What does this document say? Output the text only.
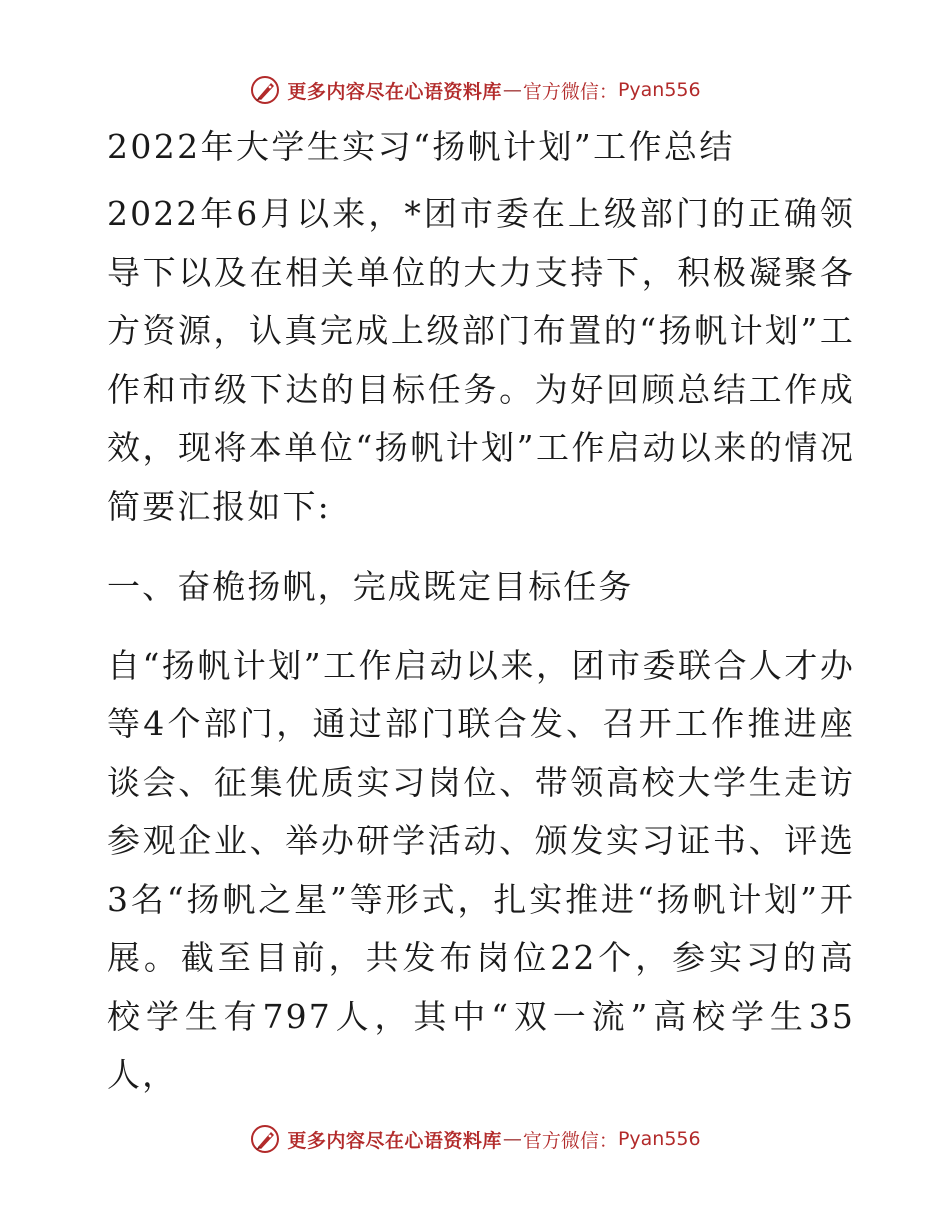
更多内容尽在心语资料库 — 官方微信： Pyan556
2022年大学生实习“扬帆计划”工作总结

2022年6月以来，*团市委在上级部门的正确领导下以及在相关单位的大力支持下，积极凝聚各方资源，认真完成上级部门布置的“扬帆计划”工作和市级下达的目标任务。为好回顾总结工作成效，现将本单位“扬帆计划”工作启动以来的情况简要汇报如下:

一、奋桅扬帆，完成既定目标任务

自“扬帆计划”工作启动以来，团市委联合人才办等4个部门，通过部门联合发、召开工作推进座谈会、征集优质实习岗位、带领高校大学生走访参观企业、举办研学活动、颁发实习证书、评选3名“扬帆之星”等形式，扎实推进“扬帆计划”开展。截至目前，共发布岗位22个，参实习的高校学生有797人，其中“双一流”高校学生35人，

更多内容尽在心语资料库 — 官方微信： Pyan556
